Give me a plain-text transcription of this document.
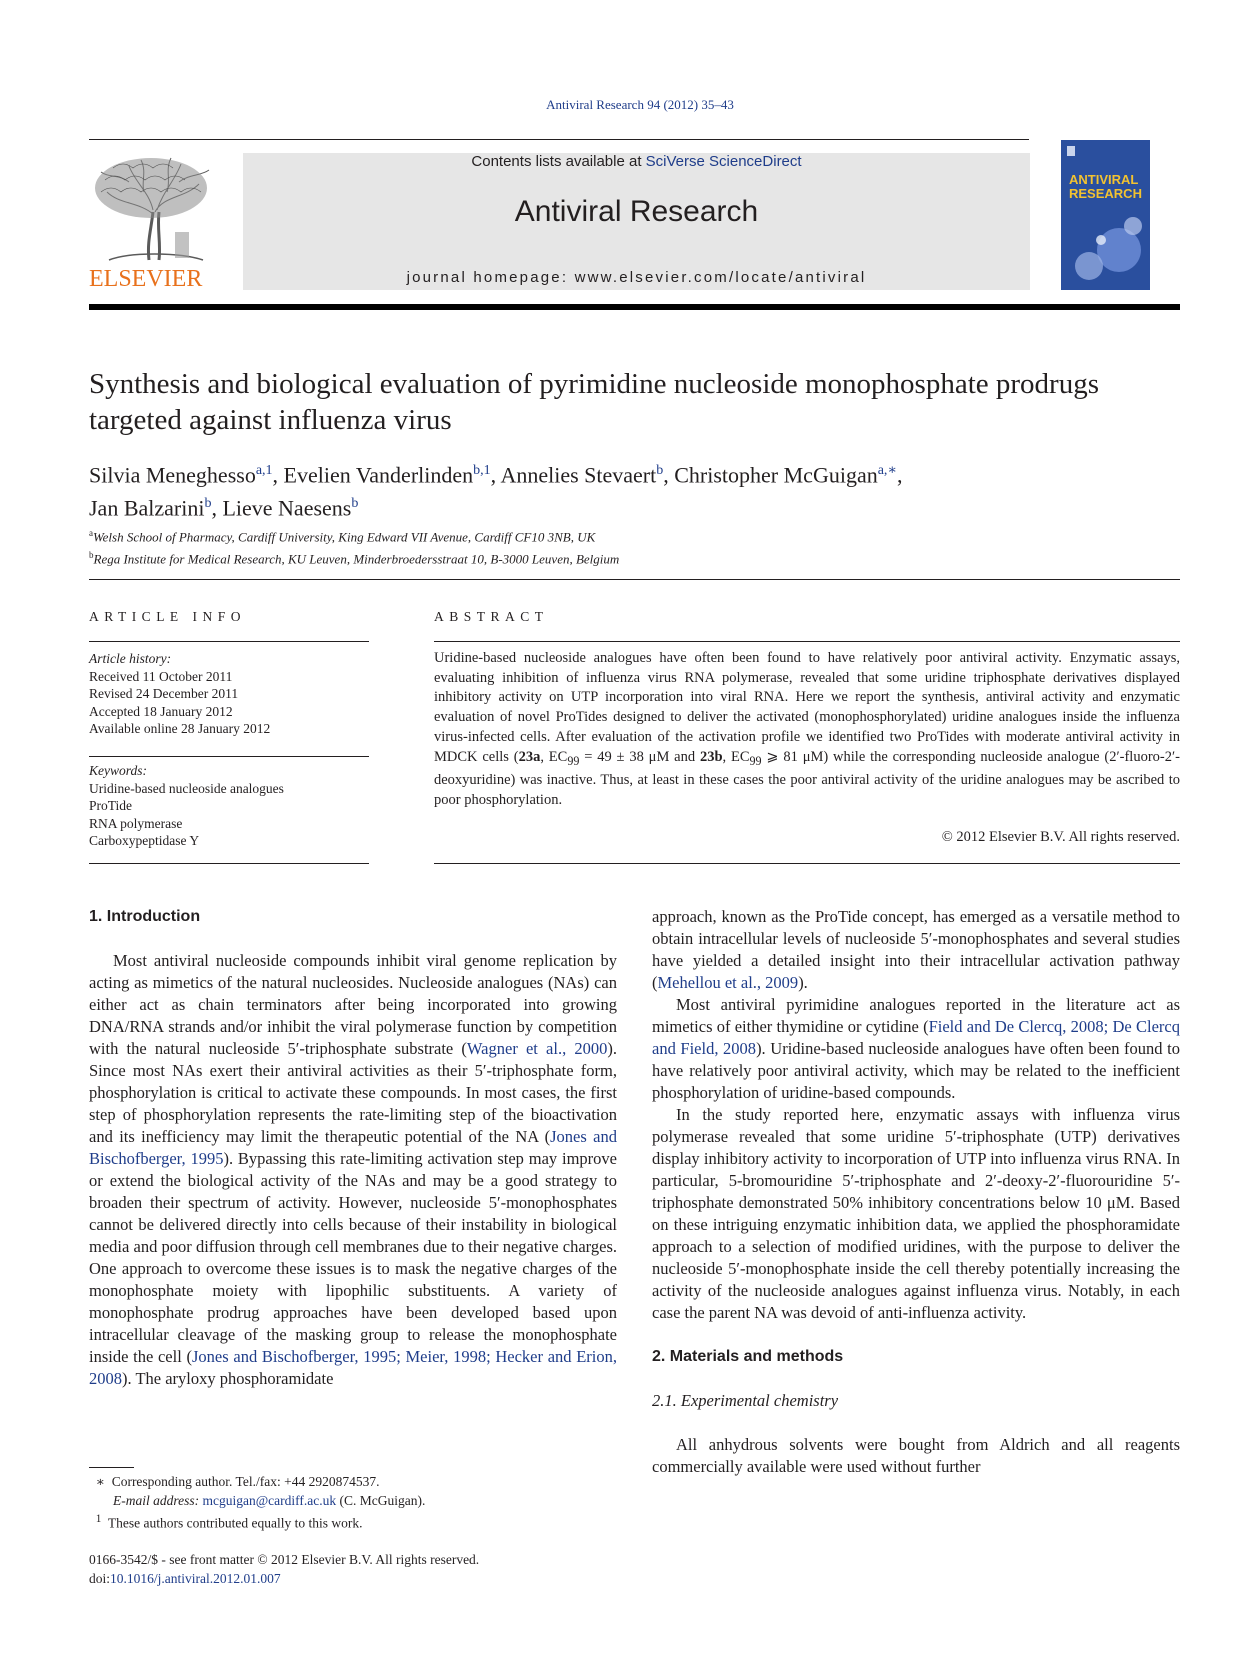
Antiviral Research 94 (2012) 35–43
ELSEVIER
Contents lists available at SciVerse ScienceDirect
Antiviral Research
journal homepage: www.elsevier.com/locate/antiviral
ANTIVIRAL
RESEARCH
Synthesis and biological evaluation of pyrimidine nucleoside monophosphate prodrugs targeted against influenza virus
Silvia Meneghesso$^{a,1}$, Evelien Vanderlinden$^{b,1}$, Annelies Stevaert$^b$, Christopher McGuigan$^{a,∗}$,
Jan Balzarini$^b$, Lieve Naesens$^b$
$^a$Welsh School of Pharmacy, Cardiff University, King Edward VII Avenue, Cardiff CF10 3NB, UK
$^b$Rega Institute for Medical Research, KU Leuven, Minderbroedersstraat 10, B-3000 Leuven, Belgium
ARTICLE INFO
Article history:
Received 11 October 2011
Revised 24 December 2011
Accepted 18 January 2012
Available online 28 January 2012
Keywords:
Uridine-based nucleoside analogues
ProTide
RNA polymerase
Carboxypeptidase Y
ABSTRACT
Uridine-based nucleoside analogues have often been found to have relatively poor antiviral activity. Enzymatic assays, evaluating inhibition of influenza virus RNA polymerase, revealed that some uridine triphosphate derivatives displayed inhibitory activity on UTP incorporation into viral RNA. Here we report the synthesis, antiviral activity and enzymatic evaluation of novel ProTides designed to deliver the activated (monophosphorylated) uridine analogues inside the influenza virus-infected cells. After evaluation of the activation profile we identified two ProTides with moderate antiviral activity in MDCK cells (23a, $EC_{99} = 49 \pm 38$ μM and 23b, $EC_{99}$ ⩾ 81 μM) while the corresponding nucleoside analogue (2′-fluoro-2′-deoxyuridine) was inactive. Thus, at least in these cases the poor antiviral activity of the uridine analogues may be ascribed to poor phosphorylation.
© 2012 Elsevier B.V. All rights reserved.
1. Introduction

Most antiviral nucleoside compounds inhibit viral genome replication by acting as mimetics of the natural nucleosides. Nucleoside analogues (NAs) can either act as chain terminators after being incorporated into growing DNA/RNA strands and/or inhibit the viral polymerase function by competition with the natural nucleoside 5′-triphosphate substrate (Wagner et al., 2000). Since most NAs exert their antiviral activities as their 5′-triphosphate form, phosphorylation is critical to activate these compounds. In most cases, the first step of phosphorylation represents the rate-limiting step of the bioactivation and its inefficiency may limit the therapeutic potential of the NA (Jones and Bischofberger, 1995). Bypassing this rate-limiting activation step may improve or extend the biological activity of the NAs and may be a good strategy to broaden their spectrum of activity. However, nucleoside 5′-monophosphates cannot be delivered directly into cells because of their instability in biological media and poor diffusion through cell membranes due to their negative charges. One approach to overcome these issues is to mask the negative charges of the monophosphate moiety with lipophilic substituents. A variety of monophosphate prodrug approaches have been developed based upon intracellular cleavage of the masking group to release the monophosphate inside the cell (Jones and Bischofberger, 1995; Meier, 1998; Hecker and Erion, 2008). The aryloxy phosphoramidate

approach, known as the ProTide concept, has emerged as a versatile method to obtain intracellular levels of nucleoside 5′-monophosphates and several studies have yielded a detailed insight into their intracellular activation pathway (Mehellou et al., 2009).

Most antiviral pyrimidine analogues reported in the literature act as mimetics of either thymidine or cytidine (Field and De Clercq, 2008; De Clercq and Field, 2008). Uridine-based nucleoside analogues have often been found to have relatively poor antiviral activity, which may be related to the inefficient phosphorylation of uridine-based compounds.

In the study reported here, enzymatic assays with influenza virus polymerase revealed that some uridine 5′-triphosphate (UTP) derivatives display inhibitory activity to incorporation of UTP into influenza virus RNA. In particular, 5-bromouridine 5′-triphosphate and 2′-deoxy-2′-fluorouridine 5′-triphosphate demonstrated 50% inhibitory concentrations below 10 μM. Based on these intriguing enzymatic inhibition data, we applied the phosphoramidate approach to a selection of modified uridines, with the purpose to deliver the nucleoside 5′-monophosphate inside the cell thereby potentially increasing the activity of the nucleoside analogues against influenza virus. Notably, in each case the parent NA was devoid of anti-influenza activity.

2. Materials and methods
2.1. Experimental chemistry

All anhydrous solvents were bought from Aldrich and all reagents commercially available were used without further

∗ Corresponding author. Tel./fax: +44 2920874537.
E-mail address: mcguigan@cardiff.ac.uk (C. McGuigan).
$^1$ These authors contributed equally to this work.
0166-3542/$ - see front matter © 2012 Elsevier B.V. All rights reserved.
doi:10.1016/j.antiviral.2012.01.007
